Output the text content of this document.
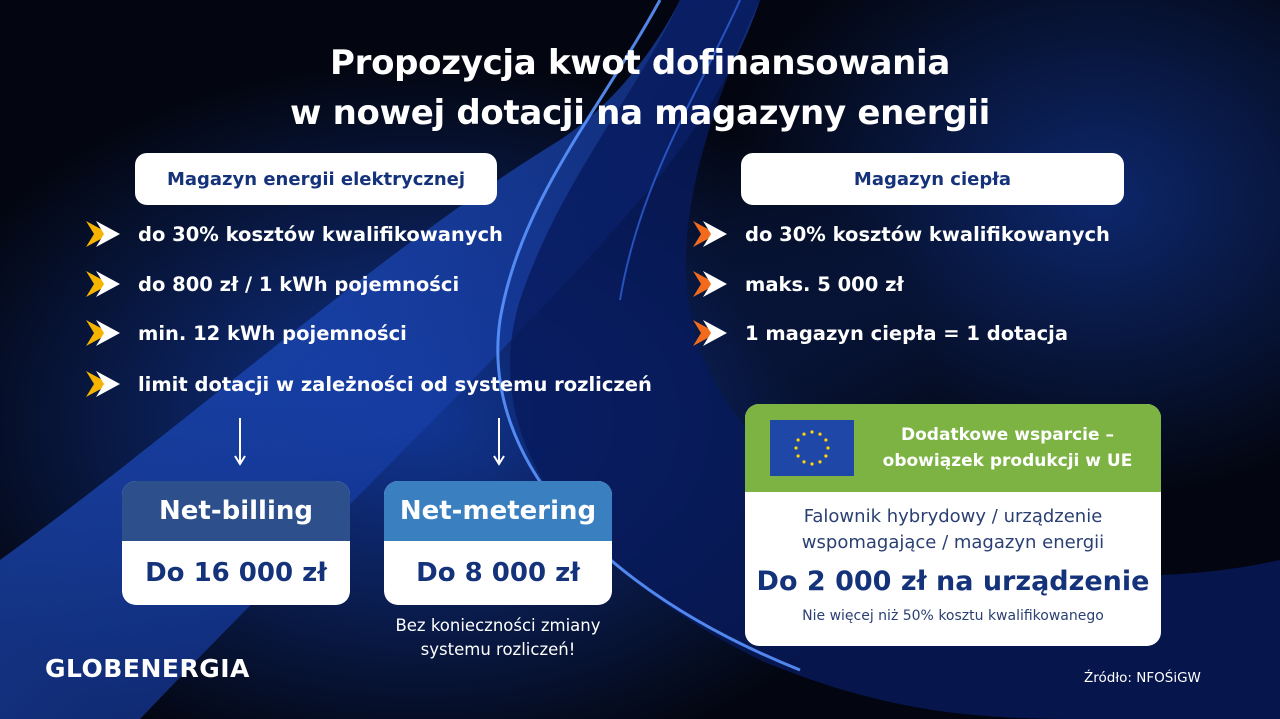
Propozycja kwot dofinansowania
w nowej dotacji na magazyny energii
Magazyn energii elektrycznej
do 30% kosztów kwalifikowanych
do 800 zł / 1 kWh pojemności
min. 12 kWh pojemności
limit dotacji w zależności od systemu rozliczeń
Net-billing
Do 16 000 zł
Net-metering
Do 8 000 zł
Bez konieczności zmiany
systemu rozliczeń!
Magazyn ciepła
do 30% kosztów kwalifikowanych
maks. 5 000 zł
1 magazyn ciepła = 1 dotacja
Dodatkowe wsparcie –
obowiązek produkcji w UE
Falownik hybrydowy / urządzenie
wspomagające / magazyn energii
Do 2 000 zł na urządzenie
Nie więcej niż 50% kosztu kwalifikowanego
GLOBENERGIA	Źródło: NFOŚiGW
